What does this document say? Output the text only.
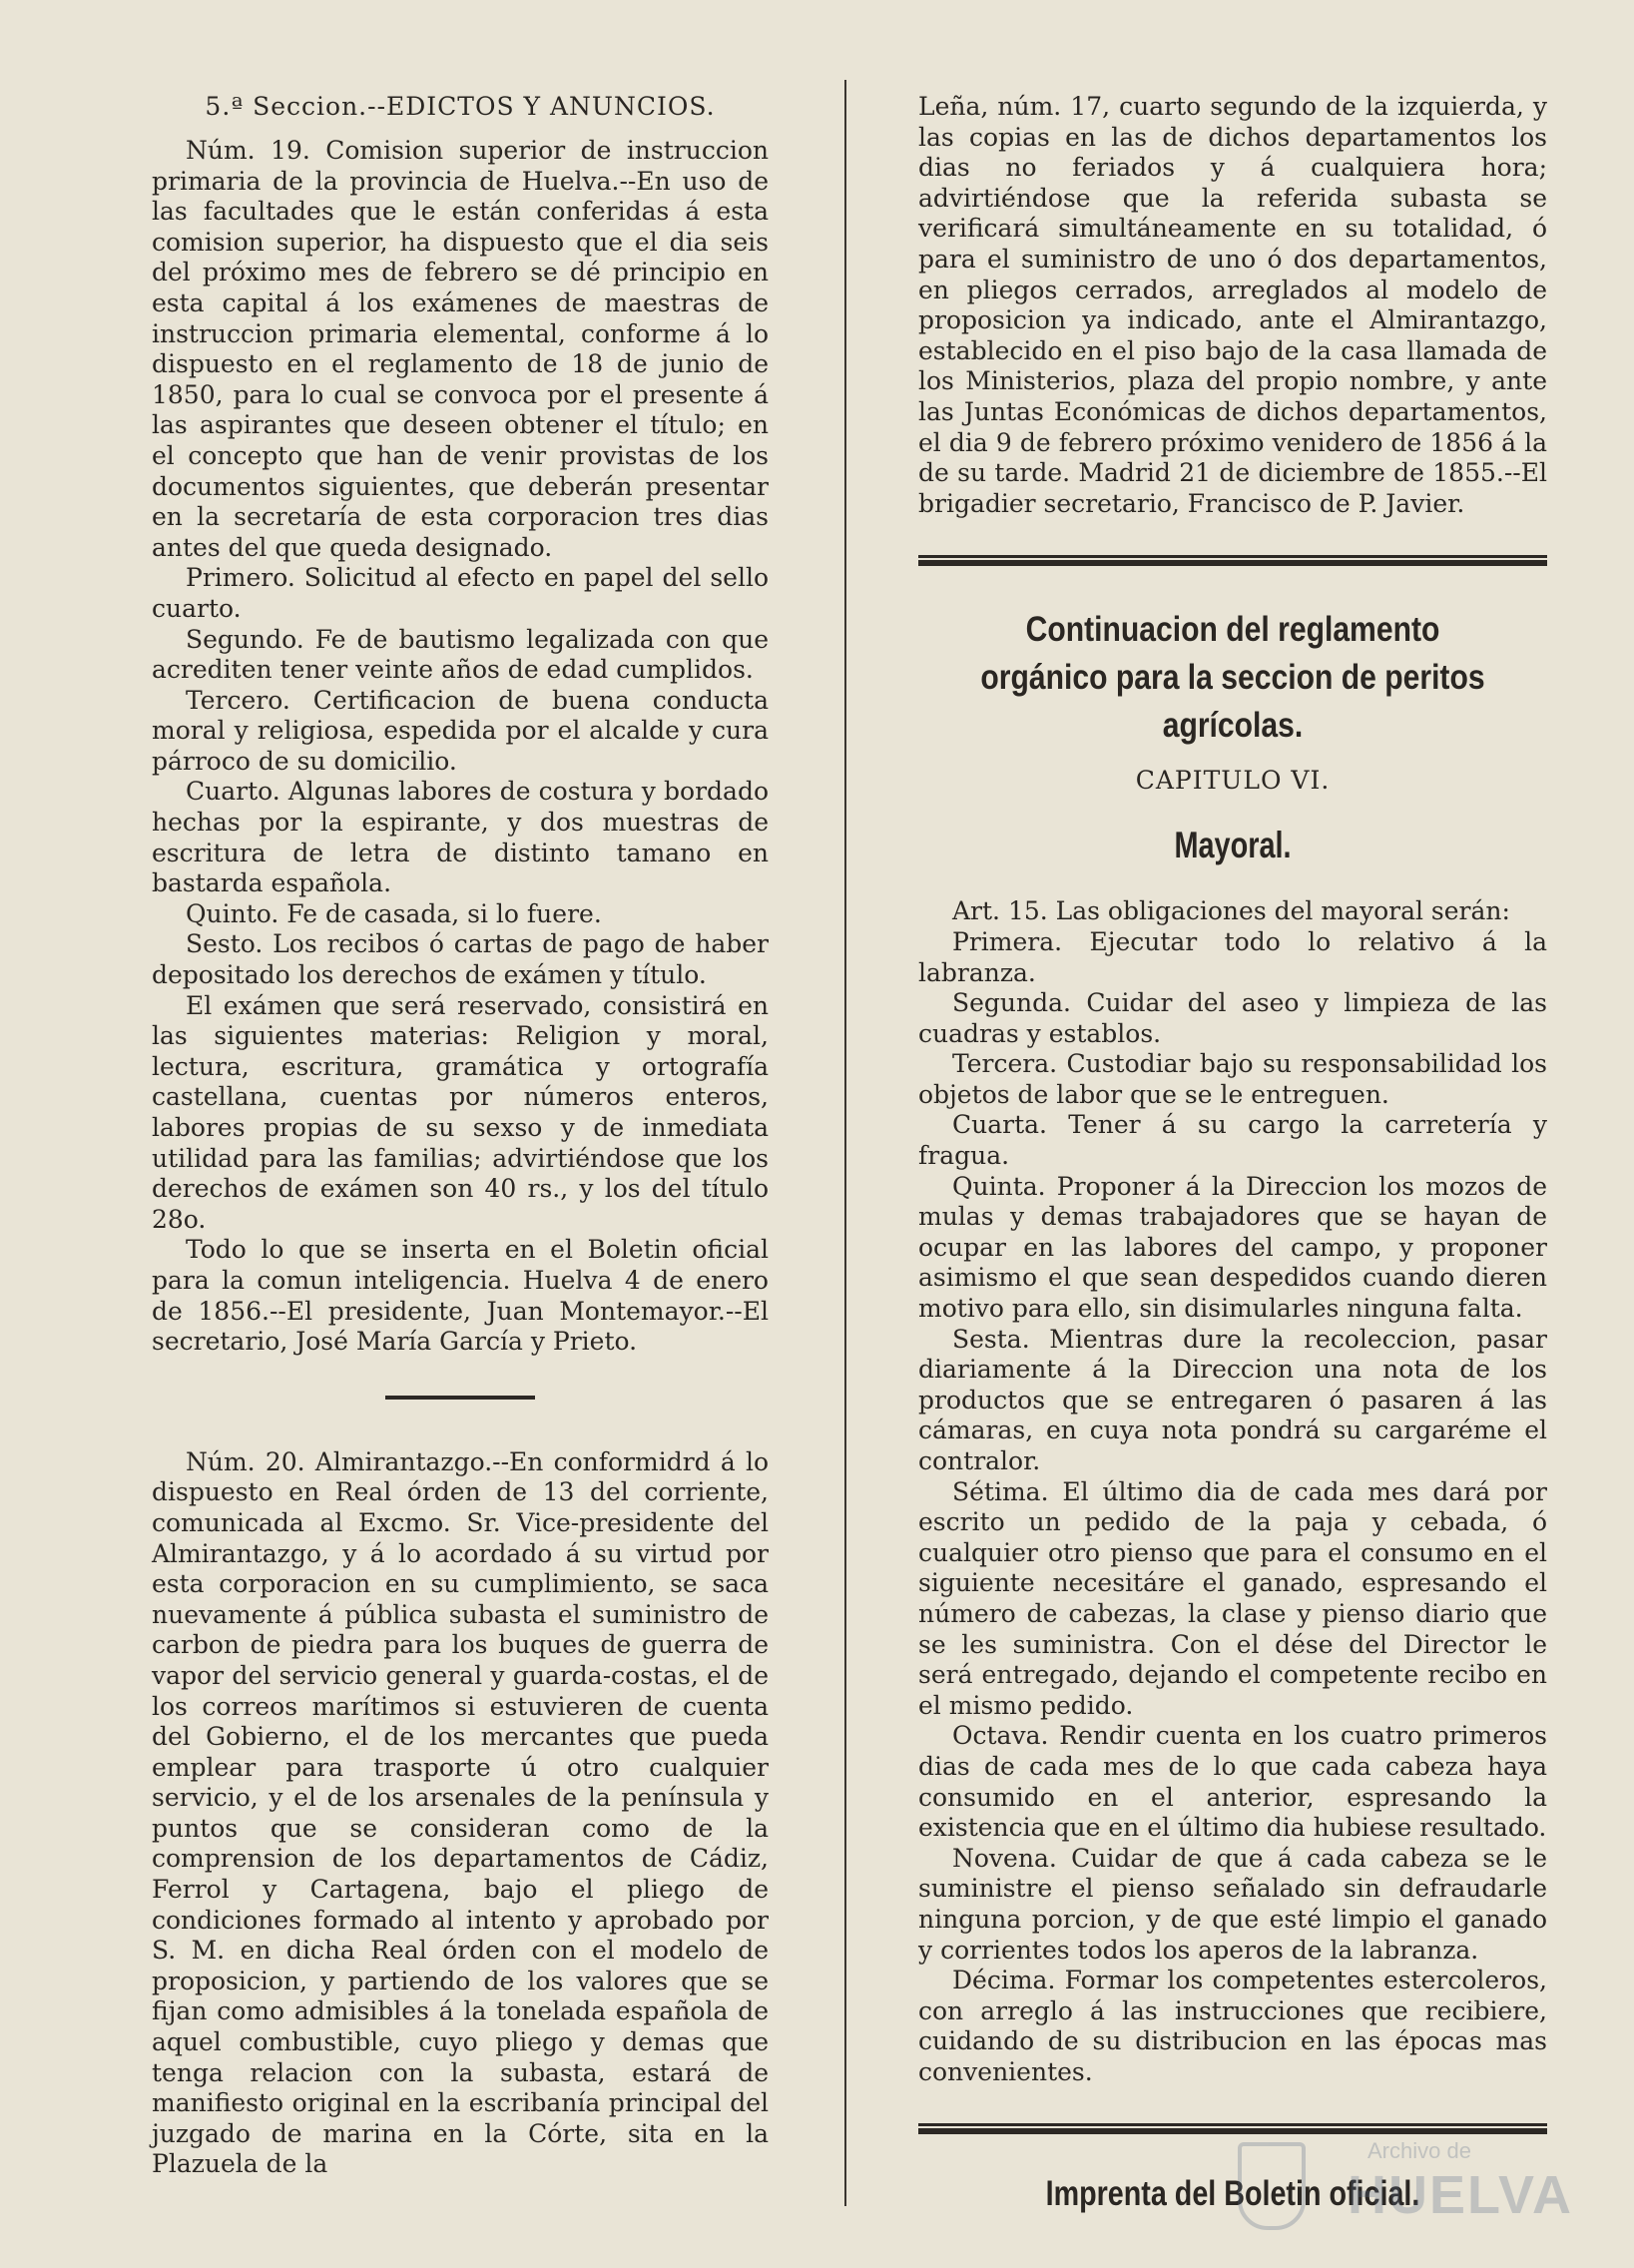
5.ª Seccion.--EDICTOS Y ANUNCIOS.

Núm. 19. Comision superior de instruccion primaria de la provincia de Huelva.--En uso de las facultades que le están conferidas á esta comision superior, ha dispuesto que el dia seis del próximo mes de febrero se dé principio en esta capital á los exámenes de maestras de instruccion primaria elemental, conforme á lo dispuesto en el reglamento de 18 de junio de 1850, para lo cual se convoca por el presente á las aspirantes que deseen obtener el título; en el concepto que han de venir provistas de los documentos siguientes, que deberán presentar en la secretaría de esta corporacion tres dias antes del que queda designado.

Primero. Solicitud al efecto en papel del sello cuarto.

Segundo. Fe de bautismo legalizada con que acrediten tener veinte años de edad cumplidos.

Tercero. Certificacion de buena conducta moral y religiosa, espedida por el alcalde y cura párroco de su domicilio.

Cuarto. Algunas labores de costura y bordado hechas por la espirante, y dos muestras de escritura de letra de distinto tamano en bastarda española.

Quinto. Fe de casada, si lo fuere.

Sesto. Los recibos ó cartas de pago de haber depositado los derechos de exámen y título.

El exámen que será reservado, consistirá en las siguientes materias: Religion y moral, lectura, escritura, gramática y ortografía castellana, cuentas por números enteros, labores propias de su sexso y de inmediata utilidad para las familias; advirtiéndose que los derechos de exámen son 40 rs., y los del título 28o.

Todo lo que se inserta en el Boletin oficial para la comun inteligencia. Huelva 4 de enero de 1856.--El presidente, Juan Montemayor.--El secretario, José María García y Prieto.

Núm. 20. Almirantazgo.--En conformidrd á lo dispuesto en Real órden de 13 del corriente, comunicada al Excmo. Sr. Vice-presidente del Almirantazgo, y á lo acordado á su virtud por esta corporacion en su cumplimiento, se saca nuevamente á pública subasta el suministro de carbon de piedra para los buques de guerra de vapor del servicio general y guarda-costas, el de los correos marítimos si estuvieren de cuenta del Gobierno, el de los mercantes que pueda emplear para trasporte ú otro cualquier servicio, y el de los arsenales de la península y puntos que se consideran como de la comprension de los departamentos de Cádiz, Ferrol y Cartagena, bajo el pliego de condiciones formado al intento y aprobado por S. M. en dicha Real órden con el modelo de proposicion, y partiendo de los valores que se fijan como admisibles á la tonelada española de aquel combustible, cuyo pliego y demas que tenga relacion con la subasta, estará de manifiesto original en la escribanía principal del juzgado de marina en la Córte, sita en la Plazuela de la

Leña, núm. 17, cuarto segundo de la izquierda, y las copias en las de dichos departamentos los dias no feriados y á cualquiera hora; advirtiéndose que la referida subasta se verificará simultáneamente en su totalidad, ó para el suministro de uno ó dos departamentos, en pliegos cerrados, arreglados al modelo de proposicion ya indicado, ante el Almirantazgo, establecido en el piso bajo de la casa llamada de los Ministerios, plaza del propio nombre, y ante las Juntas Económicas de dichos departamentos, el dia 9 de febrero próximo venidero de 1856 á la de su tarde. Madrid 21 de diciembre de 1855.--El brigadier secretario, Francisco de P. Javier.

Continuacion del reglamento orgánico para la seccion de peritos agrícolas.
CAPITULO VI.
Mayoral.

Art. 15. Las obligaciones del mayoral serán:

Primera. Ejecutar todo lo relativo á la labranza.

Segunda. Cuidar del aseo y limpieza de las cuadras y establos.

Tercera. Custodiar bajo su responsabilidad los objetos de labor que se le entreguen.

Cuarta. Tener á su cargo la carretería y fragua.

Quinta. Proponer á la Direccion los mozos de mulas y demas trabajadores que se hayan de ocupar en las labores del campo, y proponer asimismo el que sean despedidos cuando dieren motivo para ello, sin disimularles ninguna falta.

Sesta. Mientras dure la recoleccion, pasar diariamente á la Direccion una nota de los productos que se entregaren ó pasaren á las cámaras, en cuya nota pondrá su cargaréme el contralor.

Sétima. El último dia de cada mes dará por escrito un pedido de la paja y cebada, ó cualquier otro pienso que para el consumo en el siguiente necesitáre el ganado, espresando el número de cabezas, la clase y pienso diario que se les suministra. Con el dése del Director le será entregado, dejando el competente recibo en el mismo pedido.

Octava. Rendir cuenta en los cuatro primeros dias de cada mes de lo que cada cabeza haya consumido en el anterior, espresando la existencia que en el último dia hubiese resultado.

Novena. Cuidar de que á cada cabeza se le suministre el pienso señalado sin defraudarle ninguna porcion, y de que esté limpio el ganado y corrientes todos los aperos de la labranza.

Décima. Formar los competentes estercoleros, con arreglo á las instrucciones que recibiere, cuidando de su distribucion en las épocas mas convenientes.

Imprenta del Boletin oficial.
Archivo de
HUELVA
